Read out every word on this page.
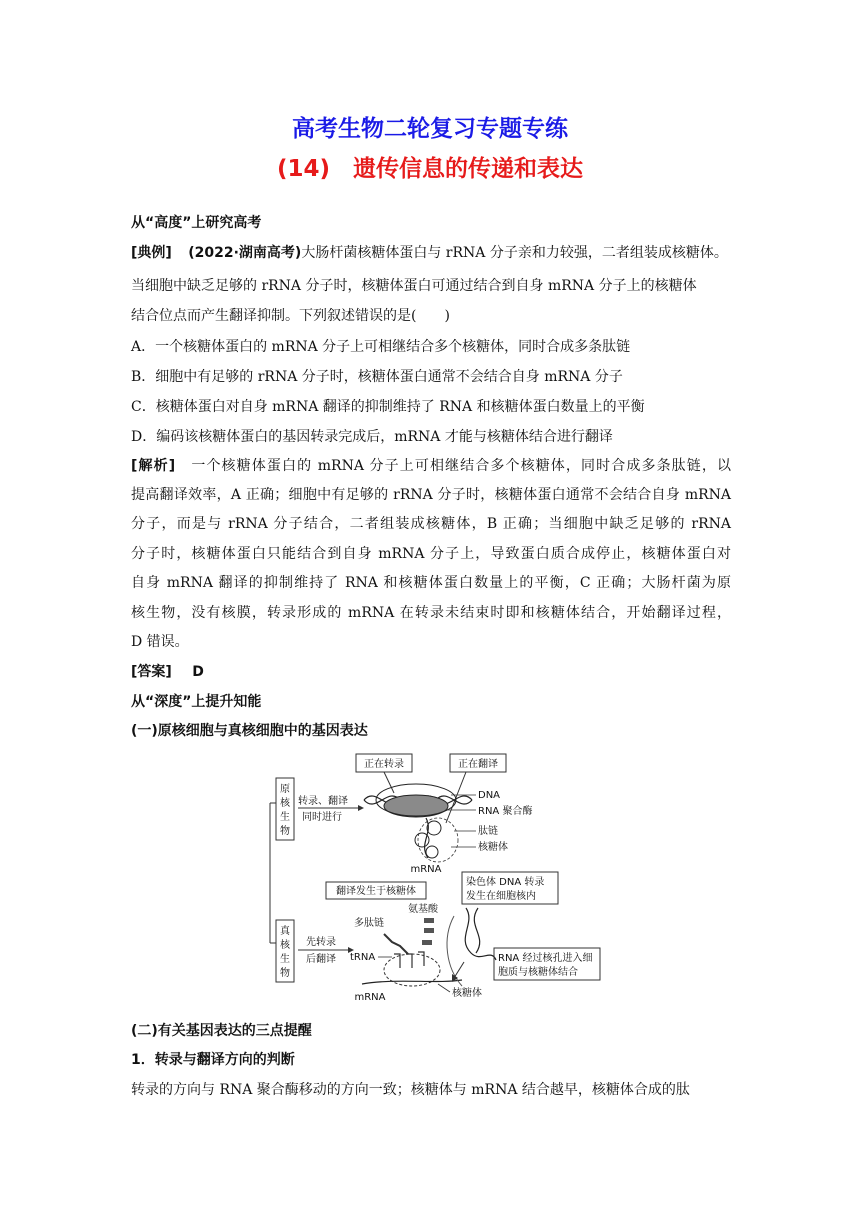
高考生物二轮复习专题专练
(14)　遗传信息的传递和表达
从“高度”上研究高考
[典例] (2022·湖南高考)大肠杆菌核糖体蛋白与 rRNA 分子亲和力较强，二者组装成核糖体。
当细胞中缺乏足够的 rRNA 分子时，核糖体蛋白可通过结合到自身 mRNA 分子上的核糖体
结合位点而产生翻译抑制。下列叙述错误的是(　　)
A．一个核糖体蛋白的 mRNA 分子上可相继结合多个核糖体，同时合成多条肽链
B．细胞中有足够的 rRNA 分子时，核糖体蛋白通常不会结合自身 mRNA 分子
C．核糖体蛋白对自身 mRNA 翻译的抑制维持了 RNA 和核糖体蛋白数量上的平衡
D．编码该核糖体蛋白的基因转录完成后，mRNA 才能与核糖体结合进行翻译
[解析]　一个核糖体蛋白的 mRNA 分子上可相继结合多个核糖体，同时合成多条肽链，以
提高翻译效率，A 正确；细胞中有足够的 rRNA 分子时，核糖体蛋白通常不会结合自身 mRNA
分子，而是与 rRNA 分子结合，二者组装成核糖体，B 正确；当细胞中缺乏足够的 rRNA
分子时，核糖体蛋白只能结合到自身 mRNA 分子上，导致蛋白质合成停止，核糖体蛋白对
自身 mRNA 翻译的抑制维持了 RNA 和核糖体蛋白数量上的平衡，C 正确；大肠杆菌为原
核生物，没有核膜，转录形成的 mRNA 在转录未结束时即和核糖体结合，开始翻译过程，
D 错误。
[答案] D
从“深度”上提升知能
(一)原核细胞与真核细胞中的基因表达
原
核
生
物
转录、翻译
同时进行
正在转录	正在翻译
DNA
RNA 聚合酶
肽链
核糖体
mRNA
真
核
生
物
先转录
后翻译
翻译发生于核糖体
氨基酸
多肽链
tRNA
mRNA	核糖体
染色体 DNA 转录
发生在细胞核内
RNA 经过核孔进入细
胞质与核糖体结合
(二)有关基因表达的三点提醒
1．转录与翻译方向的判断
转录的方向与 RNA 聚合酶移动的方向一致；核糖体与 mRNA 结合越早，核糖体合成的肽
